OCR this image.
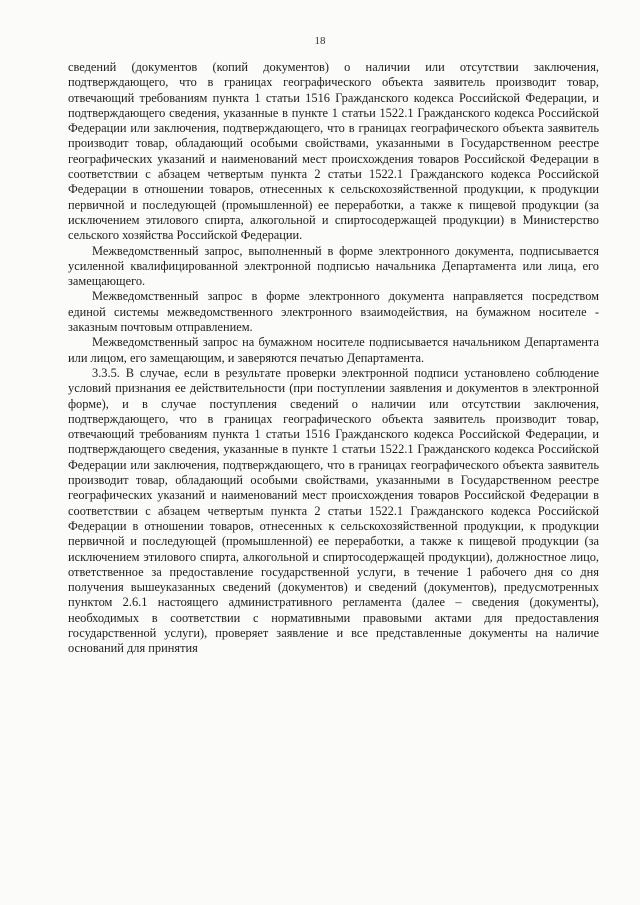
18

сведений (документов (копий документов) о наличии или отсутствии заключения, подтверждающего, что в границах географического объекта заявитель производит товар, отвечающий требованиям пункта 1 статьи 1516 Гражданского кодекса Российской Федерации, и подтверждающего сведения, указанные в пункте 1 статьи 1522.1 Гражданского кодекса Российской Федерации или заключения, подтверждающего, что в границах географического объекта заявитель производит товар, обладающий особыми свойствами, указанными в Государственном реестре географических указаний и наименований мест происхождения товаров Российской Федерации в соответствии с абзацем четвертым пункта 2 статьи 1522.1 Гражданского кодекса Российской Федерации в отношении товаров, отнесенных к сельскохозяйственной продукции, к продукции первичной и последующей (промышленной) ее переработки, а также к пищевой продукции (за исключением этилового спирта, алкогольной и спиртосодержащей продукции) в Министерство сельского хозяйства Российской Федерации.

Межведомственный запрос, выполненный в форме электронного документа, подписывается усиленной квалифицированной электронной подписью начальника Департамента или лица, его замещающего.

Межведомственный запрос в форме электронного документа направляется посредством единой системы межведомственного электронного взаимодействия, на бумажном носителе - заказным почтовым отправлением.

Межведомственный запрос на бумажном носителе подписывается начальником Департамента или лицом, его замещающим, и заверяются печатью Департамента.

3.3.5. В случае, если в результате проверки электронной подписи установлено соблюдение условий признания ее действительности (при поступлении заявления и документов в электронной форме), и в случае поступления сведений о наличии или отсутствии заключения, подтверждающего, что в границах географического объекта заявитель производит товар, отвечающий требованиям пункта 1 статьи 1516 Гражданского кодекса Российской Федерации, и подтверждающего сведения, указанные в пункте 1 статьи 1522.1 Гражданского кодекса Российской Федерации или заключения, подтверждающего, что в границах географического объекта заявитель производит товар, обладающий особыми свойствами, указанными в Государственном реестре географических указаний и наименований мест происхождения товаров Российской Федерации в соответствии с абзацем четвертым пункта 2 статьи 1522.1 Гражданского кодекса Российской Федерации в отношении товаров, отнесенных к сельскохозяйственной продукции, к продукции первичной и последующей (промышленной) ее переработки, а также к пищевой продукции (за исключением этилового спирта, алкогольной и спиртосодержащей продукции), должностное лицо, ответственное за предоставление государственной услуги, в течение 1 рабочего дня со дня получения вышеуказанных сведений (документов) и сведений (документов), предусмотренных пунктом 2.6.1 настоящего административного регламента (далее – сведения (документы), необходимых в соответствии с нормативными правовыми актами для предоставления государственной услуги), проверяет заявление и все представленные документы на наличие оснований для принятия
